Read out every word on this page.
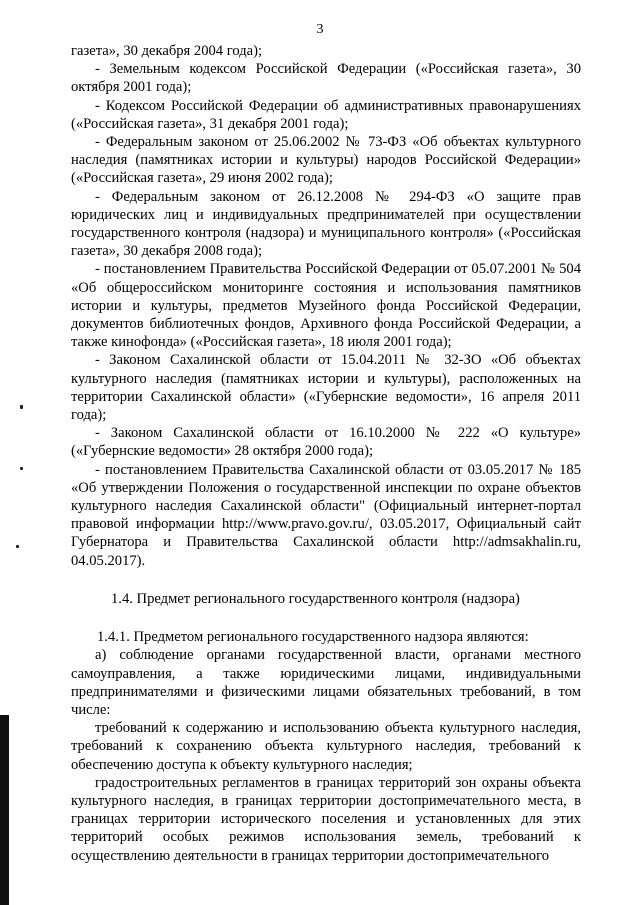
3

газета», 30 декабря 2004 года);

- Земельным кодексом Российской Федерации («Российская газета», 30 октября 2001 года);

- Кодексом Российской Федерации об административных правонарушениях («Российская газета», 31 декабря 2001 года);

- Федеральным законом от 25.06.2002 № 73-ФЗ «Об объектах культурного наследия (памятниках истории и культуры) народов Российской Федерации» («Российская газета», 29 июня 2002 года);

- Федеральным законом от 26.12.2008 № 294-ФЗ «О защите прав юридических лиц и индивидуальных предпринимателей при осуществлении государственного контроля (надзора) и муниципального контроля» («Российская газета», 30 декабря 2008 года);

- постановлением Правительства Российской Федерации от 05.07.2001 № 504 «Об общероссийском мониторинге состояния и использования памятников истории и культуры, предметов Музейного фонда Российской Федерации, документов библиотечных фондов, Архивного фонда Российской Федерации, а также кинофонда» («Российская газета», 18 июля 2001 года);

- Законом Сахалинской области от 15.04.2011 № 32-ЗО «Об объектах культурного наследия (памятниках истории и культуры), расположенных на территории Сахалинской области» («Губернские ведомости», 16 апреля 2011 года);

- Законом Сахалинской области от 16.10.2000 № 222 «О культуре» («Губернские ведомости» 28 октября 2000 года);

- постановлением Правительства Сахалинской области от 03.05.2017 № 185 «Об утверждении Положения о государственной инспекции по охране объектов культурного наследия Сахалинской области" (Официальный интернет-портал правовой информации http://www.pravo.gov.ru/, 03.05.2017, Официальный сайт Губернатора и Правительства Сахалинской области http://admsakhalin.ru, 04.05.2017).

1.4. Предмет регионального государственного контроля (надзора)

1.4.1. Предметом регионального государственного надзора являются:

а) соблюдение органами государственной власти, органами местного самоуправления, а также юридическими лицами, индивидуальными предпринимателями и физическими лицами обязательных требований, в том числе:

требований к содержанию и использованию объекта культурного наследия, требований к сохранению объекта культурного наследия, требований к обеспечению доступа к объекту культурного наследия;

градостроительных регламентов в границах территорий зон охраны объекта культурного наследия, в границах территории достопримечательного места, в границах территории исторического поселения и установленных для этих территорий особых режимов использования земель, требований к осуществлению деятельности в границах территории достопримечательного
